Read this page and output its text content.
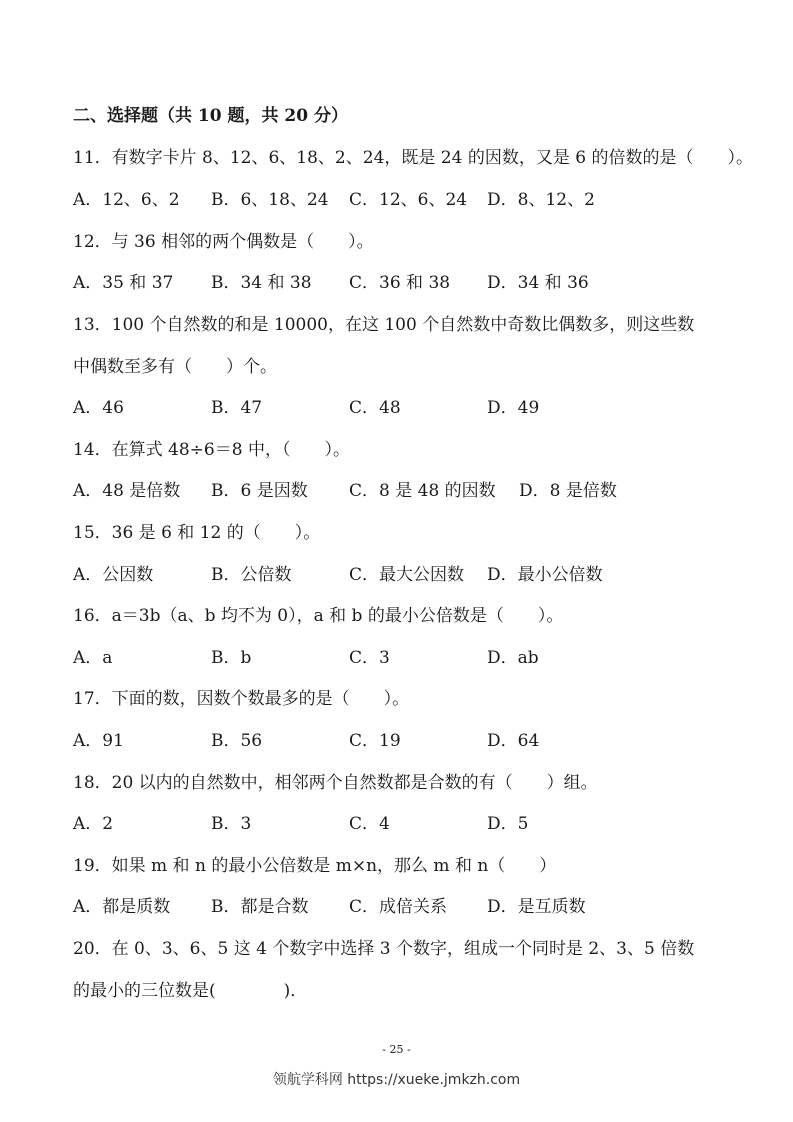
二、选择题（共 10 题，共 20 分）
11．有数字卡片 8、12、6、18、2、24，既是 24 的因数，又是 6 的倍数的是（　　）。
A．12、6、2 B．6、18、24 C．12、6、24 D．8、12、2
12．与 36 相邻的两个偶数是（　　）。
A．35 和 37 B．34 和 38 C．36 和 38 D．34 和 36
13．100 个自然数的和是 10000，在这 100 个自然数中奇数比偶数多，则这些数
中偶数至多有（　　）个。
A．46	B．47	C．48	D．49
14．在算式 48÷6＝8 中，（　　）。
A．48 是倍数 B．6 是因数 C．8 是 48 的因数 D．8 是倍数
15．36 是 6 和 12 的（　　）。
A．公因数	B．公倍数	C．最大公因数 D．最小公倍数
16．a＝3b（a、b 均不为 0），a 和 b 的最小公倍数是（　　）。
A．a	B．b	C．3	D．ab
17．下面的数，因数个数最多的是（　　）。
A．91	B．56	C．19	D．64
18．20 以内的自然数中，相邻两个自然数都是合数的有（　　）组。
A．2	B．3	C．4	D．5
19．如果 m 和 n 的最小公倍数是 m×n，那么 m 和 n（　　）
A．都是质数 B．都是合数 C．成倍关系 D．是互质数
20．在 0、3、6、5 这 4 个数字中选择 3 个数字，组成一个同时是 2、3、5 倍数
的最小的三位数是(　　　　)．
- 25 -
领航学科网 https://xueke.jmkzh.com
